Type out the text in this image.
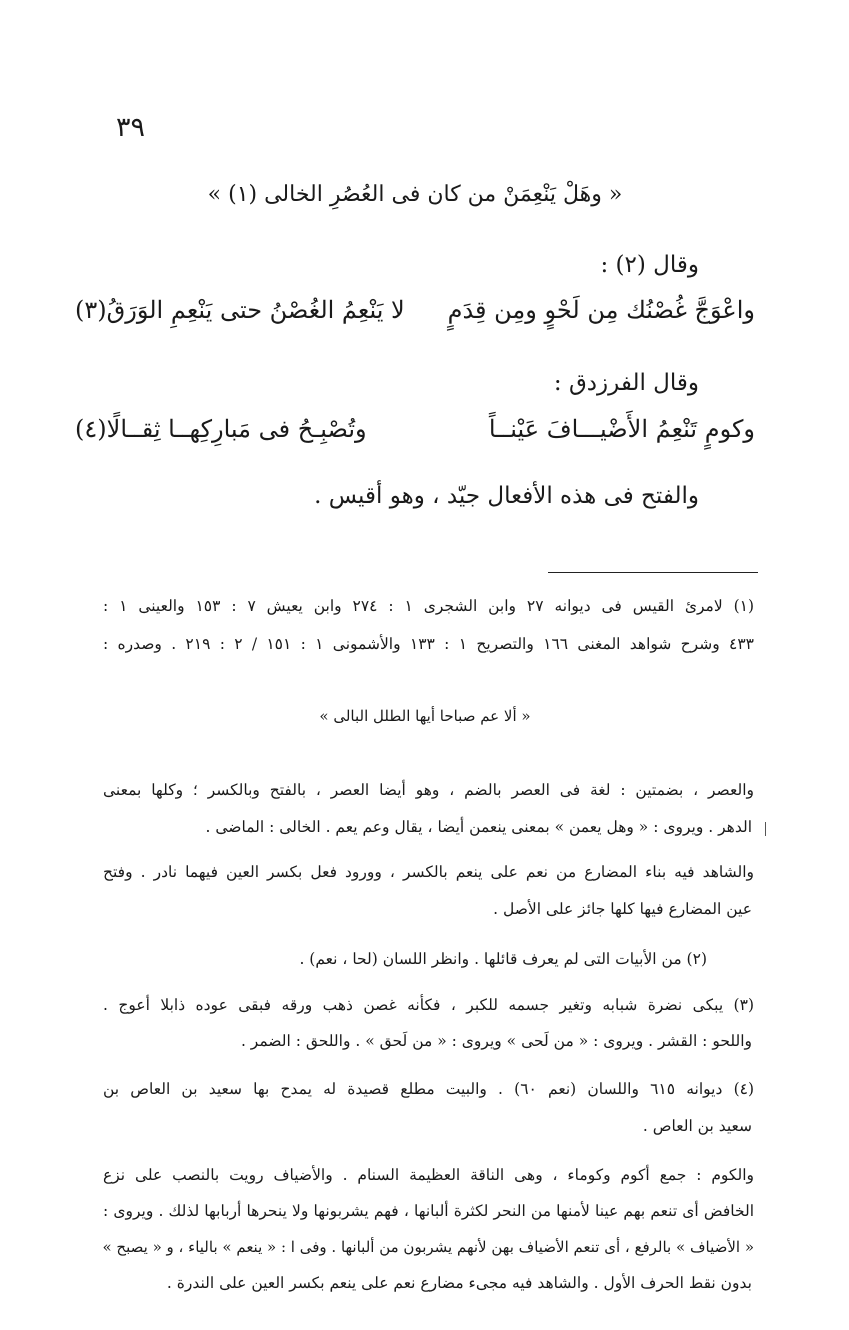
٣٩
« وهَلْ يَنْعِمَنْ من كان فى العُصُرِ الخالى (١) »
وقال (٢) :
واعْوَجَّ غُصْنُك مِن لَحْوٍ ومِن قِدَمٍ
لا يَنْعِمُ الغُصْنُ حتى يَنْعِمِ الوَرَقُ(٣)
وقال الفرزدق :
وكومٍ تَنْعِمُ الأَضْيـــافَ عَيْنــاً
وتُصْبِـحُ فى مَبارِكِهــا ثِقــالًا(٤)
والفتح فى هذه الأفعال جيّد ، وهو أقيس .
(١) لامرئ القيس فى ديوانه ٢٧ وابن الشجرى ١ : ٢٧٤ وابن يعيش ٧ : ١٥٣ والعينى ١ :
٤٣٣ وشرح شواهد المغنى ١٦٦ والتصريح ١ : ١٣٣ والأشمونى ١ : ١٥١ / ٢ : ٢١٩ . وصدره :
« ألا عم صباحا أيها الطلل البالى »
والعصر ، بضمتين : لغة فى العصر بالضم ، وهو أيضا العصر ، بالفتح وبالكسر ؛ وكلها بمعنى
الدهر . ويروى : « وهل يعمن » بمعنى ينعمن أيضا ، يقال وعم يعم . الخالى : الماضى .
والشاهد فيه بناء المضارع من نعم على ينعم بالكسر ، وورود فعل بكسر العين فيهما نادر . وفتح
عين المضارع فيها كلها جائز على الأصل .
(٢) من الأبيات التى لم يعرف قائلها . وانظر اللسان (لحا ، نعم) .
(٣) يبكى نضرة شبابه وتغير جسمه للكبر ، فكأنه غصن ذهب ورقه فبقى عوده ذابلا أعوج .
واللحو : القشر . ويروى : « من لَحى » ويروى : « من لَحق » . واللحق : الضمر .
(٤) ديوانه ٦١٥ واللسان (نعم ٦٠) . والبيت مطلع قصيدة له يمدح بها سعيد بن العاص بن
سعيد بن العاص .
والكوم : جمع أكوم وكوماء ، وهى الناقة العظيمة السنام . والأضياف رويت بالنصب على نزع
الخافض أى تنعم بهم عينا لأمنها من النحر لكثرة ألبانها ، فهم يشربونها ولا ينحرها أربابها لذلك . ويروى :
« الأضياف » بالرفع ، أى تنعم الأضياف بهن لأنهم يشربون من ألبانها . وفى ا : « ينعم » بالياء ، و « يصبح »
بدون نقط الحرف الأول . والشاهد فيه مجىء مضارع نعم على ينعم بكسر العين على الندرة .
